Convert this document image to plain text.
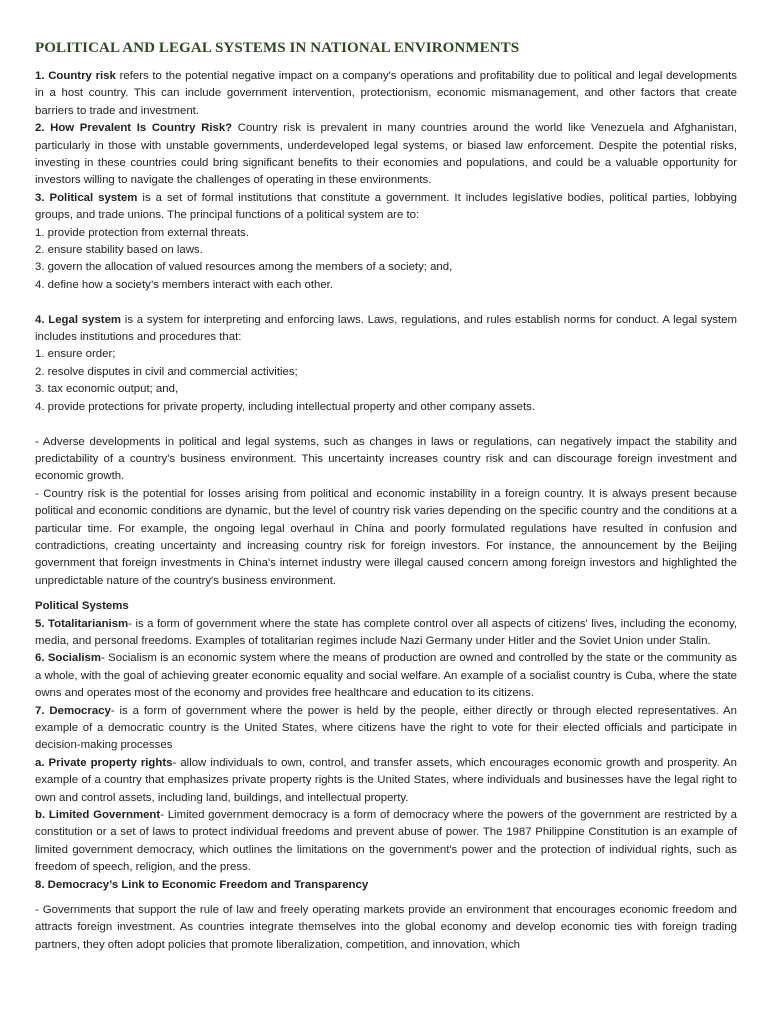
POLITICAL AND LEGAL SYSTEMS IN NATIONAL ENVIRONMENTS

1. Country risk refers to the potential negative impact on a company's operations and profitability due to political and legal developments in a host country. This can include government intervention, protectionism, economic mismanagement, and other factors that create barriers to trade and investment.

2. How Prevalent Is Country Risk? Country risk is prevalent in many countries around the world like Venezuela and Afghanistan, particularly in those with unstable governments, underdeveloped legal systems, or biased law enforcement. Despite the potential risks, investing in these countries could bring significant benefits to their economies and populations, and could be a valuable opportunity for investors willing to navigate the challenges of operating in these environments.

3. Political system is a set of formal institutions that constitute a government. It includes legislative bodies, political parties, lobbying groups, and trade unions. The principal functions of a political system are to:

1. provide protection from external threats.

2. ensure stability based on laws.

3. govern the allocation of valued resources among the members of a society; and,

4. define how a society’s members interact with each other.

4. Legal system is a system for interpreting and enforcing laws. Laws, regulations, and rules establish norms for conduct. A legal system includes institutions and procedures that:

1. ensure order;

2. resolve disputes in civil and commercial activities;

3. tax economic output; and,

4. provide protections for private property, including intellectual property and other company assets.

- Adverse developments in political and legal systems, such as changes in laws or regulations, can negatively impact the stability and predictability of a country's business environment. This uncertainty increases country risk and can discourage foreign investment and economic growth.

- Country risk is the potential for losses arising from political and economic instability in a foreign country. It is always present because political and economic conditions are dynamic, but the level of country risk varies depending on the specific country and the conditions at a particular time. For example, the ongoing legal overhaul in China and poorly formulated regulations have resulted in confusion and contradictions, creating uncertainty and increasing country risk for foreign investors. For instance, the announcement by the Beijing government that foreign investments in China's internet industry were illegal caused concern among foreign investors and highlighted the unpredictable nature of the country's business environment.

Political Systems

5. Totalitarianism- is a form of government where the state has complete control over all aspects of citizens' lives, including the economy, media, and personal freedoms. Examples of totalitarian regimes include Nazi Germany under Hitler and the Soviet Union under Stalin.

6. Socialism- Socialism is an economic system where the means of production are owned and controlled by the state or the community as a whole, with the goal of achieving greater economic equality and social welfare. An example of a socialist country is Cuba, where the state owns and operates most of the economy and provides free healthcare and education to its citizens.

7. Democracy- is a form of government where the power is held by the people, either directly or through elected representatives. An example of a democratic country is the United States, where citizens have the right to vote for their elected officials and participate in decision-making processes

a. Private property rights- allow individuals to own, control, and transfer assets, which encourages economic growth and prosperity. An example of a country that emphasizes private property rights is the United States, where individuals and businesses have the legal right to own and control assets, including land, buildings, and intellectual property.

b. Limited Government- Limited government democracy is a form of democracy where the powers of the government are restricted by a constitution or a set of laws to protect individual freedoms and prevent abuse of power. The 1987 Philippine Constitution is an example of limited government democracy, which outlines the limitations on the government's power and the protection of individual rights, such as freedom of speech, religion, and the press.

8. Democracy’s Link to Economic Freedom and Transparency

- Governments that support the rule of law and freely operating markets provide an environment that encourages economic freedom and attracts foreign investment. As countries integrate themselves into the global economy and develop economic ties with foreign trading partners, they often adopt policies that promote liberalization, competition, and innovation, which
